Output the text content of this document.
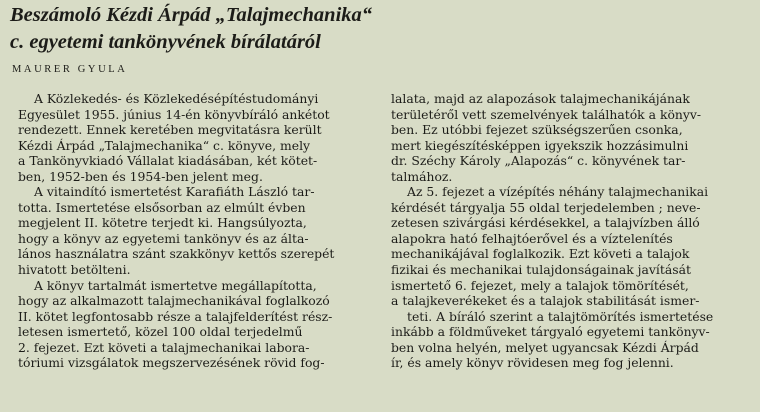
Beszámoló Kézdi Árpád „Talajmechanika“
c. egyetemi tankönyvének bírálatáról

MAURER GYULA

A Közlekedés- és Közlekedésépítéstudományi
Egyesület 1955. június 14-én könyvbíráló ankétot
rendezett. Ennek keretében megvitatásra került
Kézdi Árpád „Talajmechanika“ c. könyve, mely
a Tankönyvkiadó Vállalat kiadásában, két kötet-
ben, 1952-ben és 1954-ben jelent meg.
A vitaindító ismertetést Karafiáth László tar-
totta. Ismertetése elsősorban az elmúlt évben
megjelent II. kötetre terjedt ki. Hangsúlyozta,
hogy a könyv az egyetemi tankönyv és az álta-
lános használatra szánt szakkönyv kettős szerepét
hivatott betölteni.
A könyv tartalmát ismertetve megállapította,
hogy az alkalmazott talajmechanikával foglalkozó
II. kötet legfontosabb része a talajfelderítést rész-
letesen ismertető, közel 100 oldal terjedelmű
2. fejezet. Ezt követi a talajmechanikai labora-
tóriumi vizsgálatok megszervezésének rövid fog-
lalata, majd az alapozások talajmechanikájának
területéről vett szemelvények találhatók a könyv-
ben. Ez utóbbi fejezet szükségszerűen csonka,
mert kiegészítésképpen igyekszik hozzásimulni
dr. Széchy Károly „Alapozás“ c. könyvének tar-
talmához.
Az 5. fejezet a vízépítés néhány talajmechanikai
kérdését tárgyalja 55 oldal terjedelemben ; neve-
zetesen szivárgási kérdésekkel, a talajvízben álló
alapokra ható felhajtóerővel és a víztelenítés
mechanikájával foglalkozik. Ezt követi a talajok
fizikai és mechanikai tulajdonságainak javítását
ismertető 6. fejezet, mely a talajok tömörítését,
a talajkeverékeket és a talajok stabilitását ismer-
teti. A bíráló szerint a talajtömörítés ismertetése
inkább a földműveket tárgyaló egyetemi tankönyv-
ben volna helyén, melyet ugyancsak Kézdi Árpád
ír, és amely könyv rövidesen meg fog jelenni.
